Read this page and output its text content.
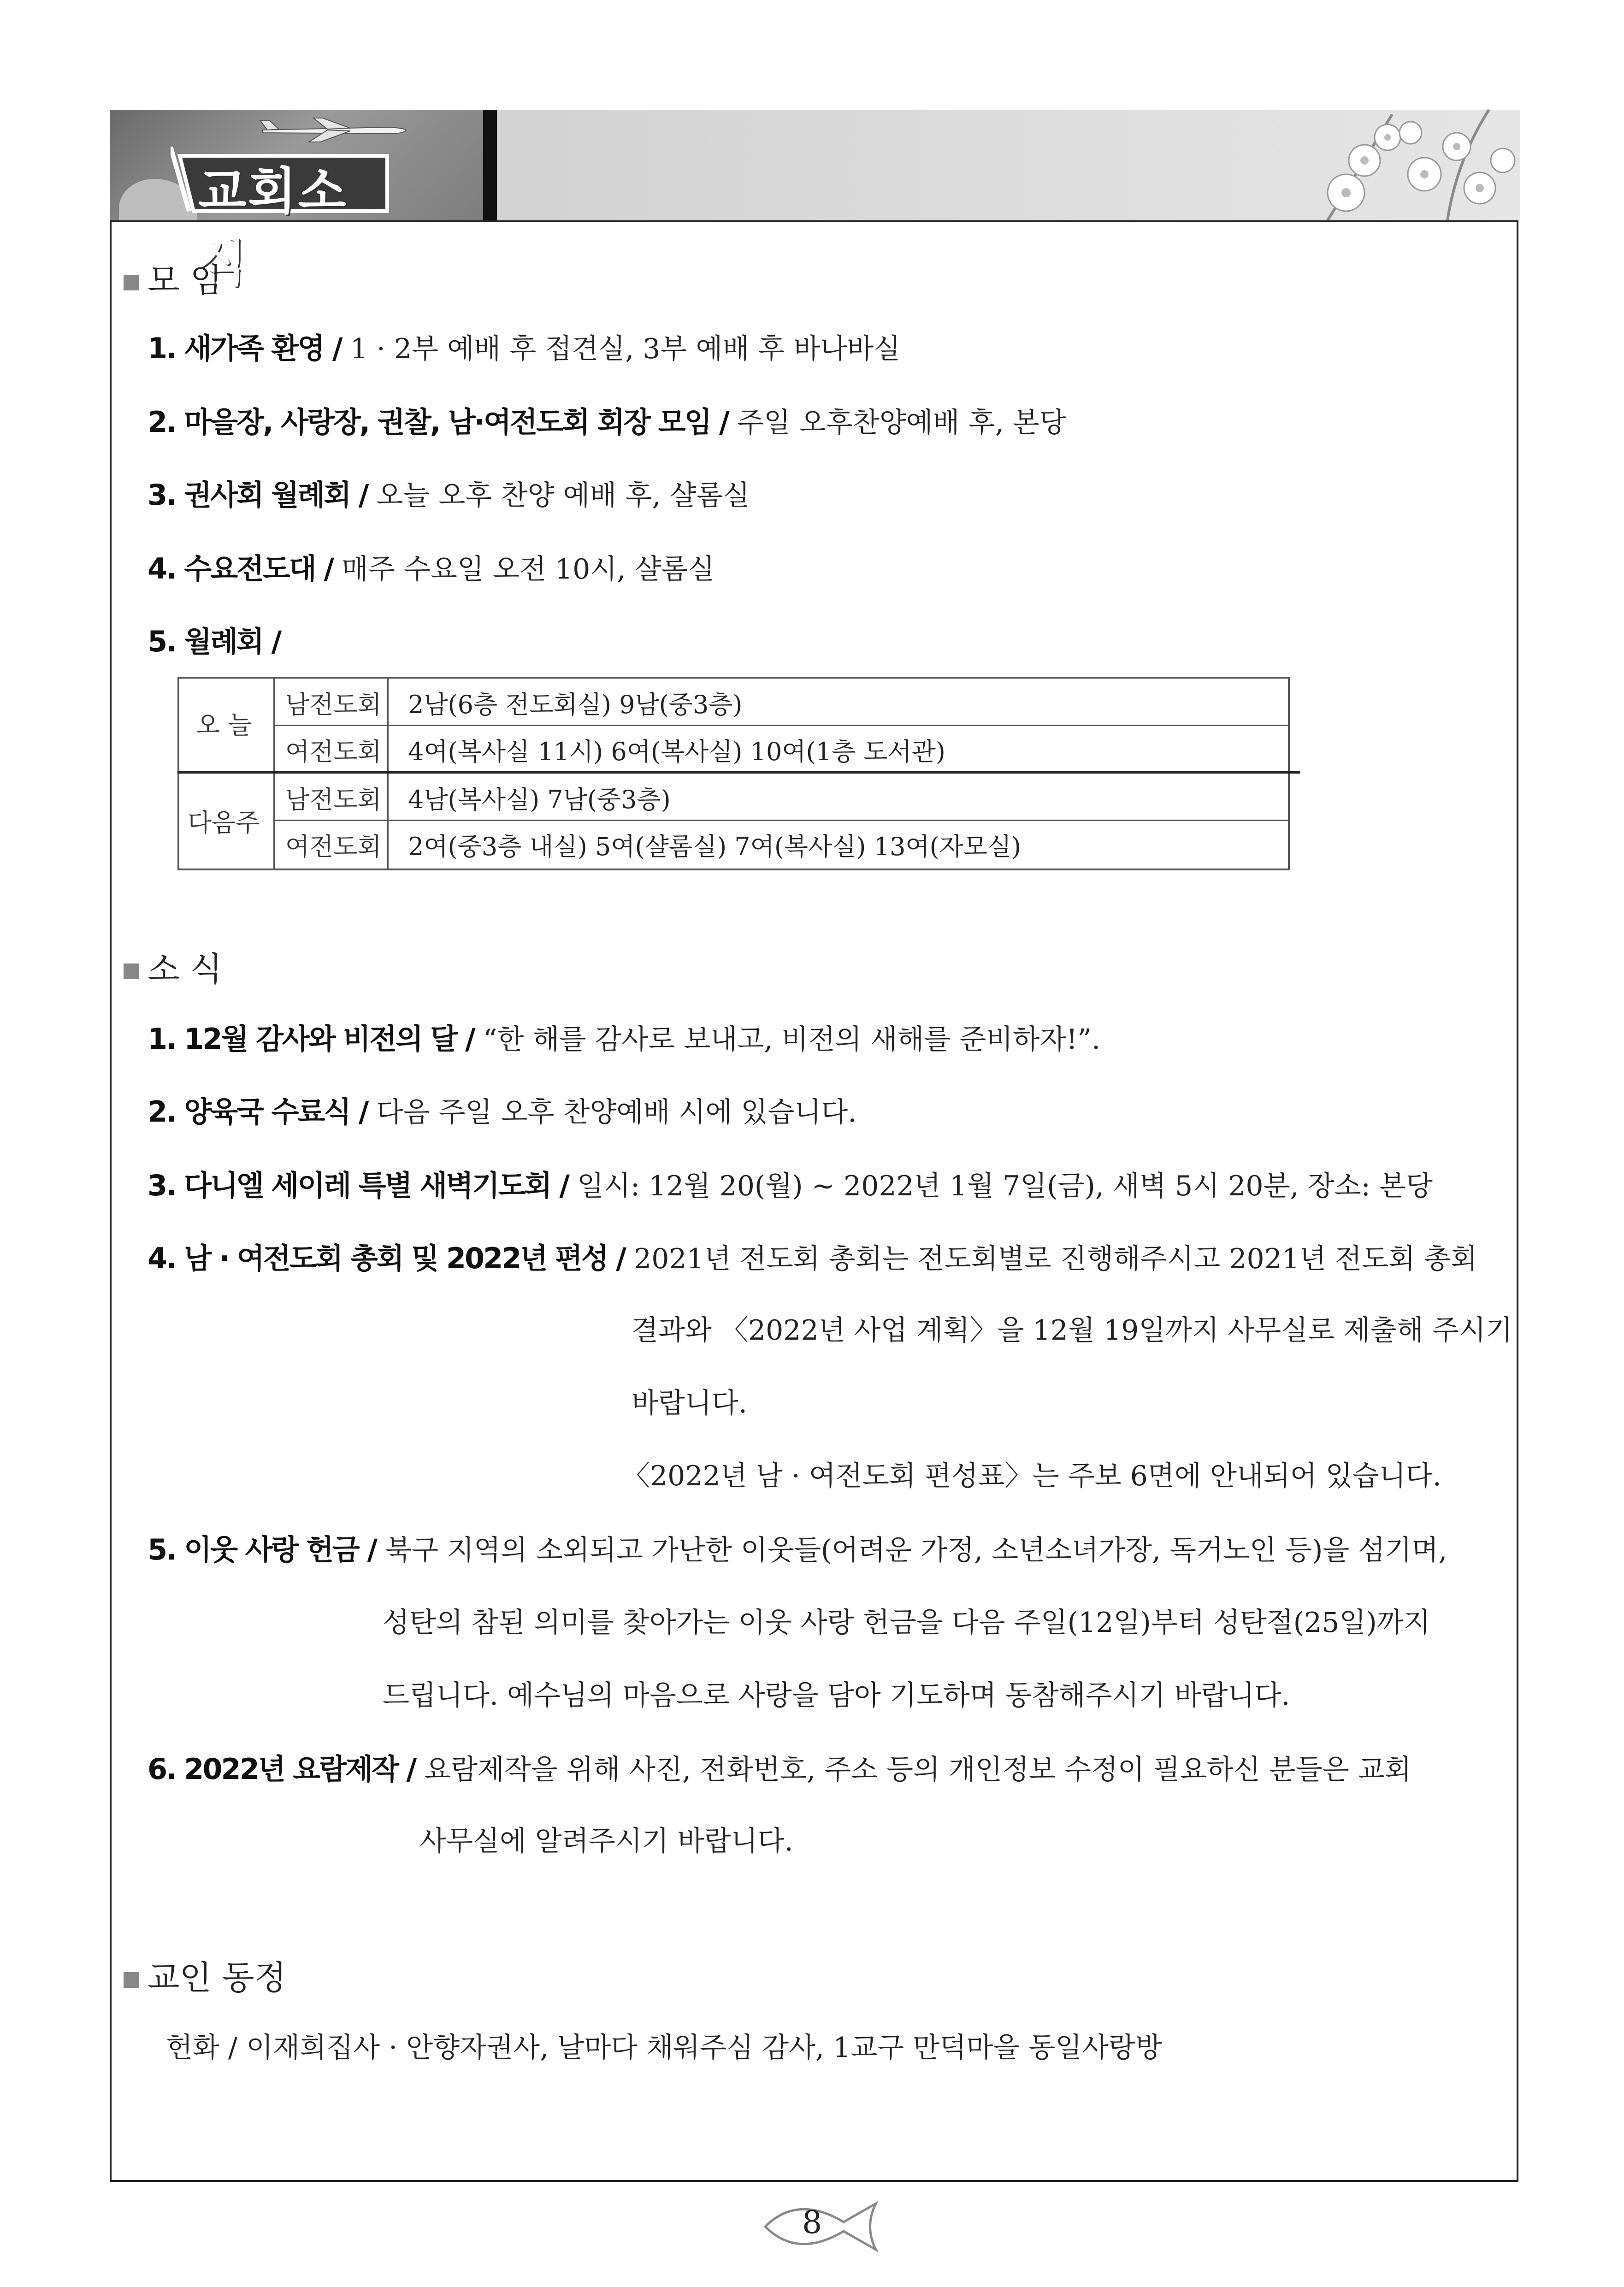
교회소식
모 임
1. 새가족 환영 / 1 · 2부 예배 후 접견실, 3부 예배 후 바나바실
2. 마을장, 사랑장, 권찰, 남·여전도회 회장 모임 / 주일 오후찬양예배 후, 본당
3. 권사회 월례회 / 오늘 오후 찬양 예배 후, 샬롬실
4. 수요전도대 / 매주 수요일 오전 10시, 샬롬실
5. 월례회 /
오 늘
다음주
남전도회 2남(6층 전도회실) 9남(중3층)
여전도회 4여(복사실 11시) 6여(복사실) 10여(1층 도서관)
남전도회 4남(복사실) 7남(중3층)
여전도회 2여(중3층 내실) 5여(샬롬실) 7여(복사실) 13여(자모실)
소 식
1. 12월 감사와 비전의 달 / “한 해를 감사로 보내고, 비전의 새해를 준비하자!”.
2. 양육국 수료식 / 다음 주일 오후 찬양예배 시에 있습니다.
3. 다니엘 세이레 특별 새벽기도회 / 일시: 12월 20(월) ~ 2022년 1월 7일(금), 새벽 5시 20분, 장소: 본당
4. 남 · 여전도회 총회 및 2022년 편성 / 2021년 전도회 총회는 전도회별로 진행해주시고 2021년 전도회 총회
결과와 〈2022년 사업 계획〉을 12월 19일까지 사무실로 제출해 주시기
바랍니다.
〈2022년 남 · 여전도회 편성표〉는 주보 6면에 안내되어 있습니다.
5. 이웃 사랑 헌금 / 북구 지역의 소외되고 가난한 이웃들(어려운 가정, 소년소녀가장, 독거노인 등)을 섬기며,
성탄의 참된 의미를 찾아가는 이웃 사랑 헌금을 다음 주일(12일)부터 성탄절(25일)까지
드립니다. 예수님의 마음으로 사랑을 담아 기도하며 동참해주시기 바랍니다.
6. 2022년 요람제작 / 요람제작을 위해 사진, 전화번호, 주소 등의 개인정보 수정이 필요하신 분들은 교회
사무실에 알려주시기 바랍니다.
교인 동정
헌화 / 이재희집사 · 안향자권사, 날마다 채워주심 감사, 1교구 만덕마을 동일사랑방
8
